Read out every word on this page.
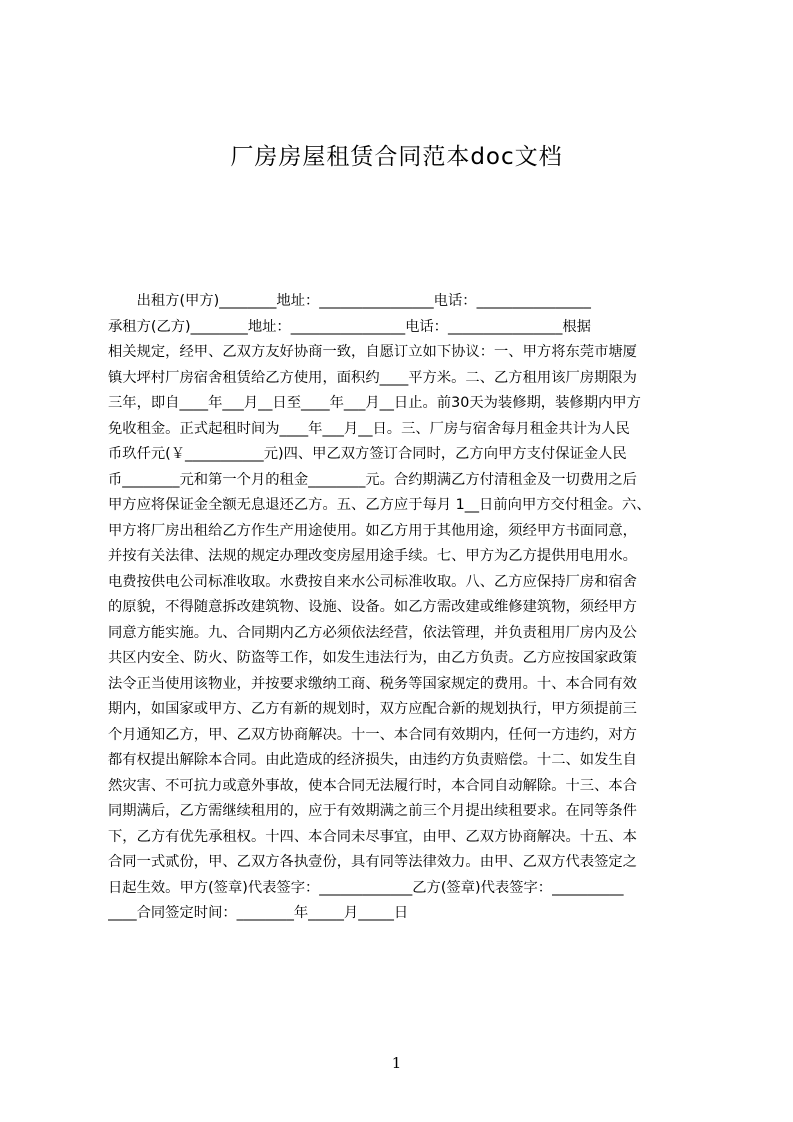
厂房房屋租赁合同范本doc文档
　　出租方(甲方)________地址：________________电话：________________
承租方(乙方)________地址：________________电话：________________根据
相关规定，经甲、乙双方友好协商一致，自愿订立如下协议：一、甲方将东莞市塘厦
镇大坪村厂房宿舍租赁给乙方使用，面积约____平方米。二、乙方租用该厂房期限为
三年，即自____年___月__日至____年___月__日止。前30天为装修期，装修期内甲方
免收租金。正式起租时间为____年___月__日。三、厂房与宿舍每月租金共计为人民
币玖仟元(￥___________元)四、甲乙双方签订合同时，乙方向甲方支付保证金人民
币________元和第一个月的租金________元。合约期满乙方付清租金及一切费用之后
甲方应将保证金全额无息退还乙方。五、乙方应于每月 1__日前向甲方交付租金。六、
甲方将厂房出租给乙方作生产用途使用。如乙方用于其他用途，须经甲方书面同意，
并按有关法律、法规的规定办理改变房屋用途手续。七、甲方为乙方提供用电用水。
电费按供电公司标准收取。水费按自来水公司标准收取。八、乙方应保持厂房和宿舍
的原貌，不得随意拆改建筑物、设施、设备。如乙方需改建或维修建筑物，须经甲方
同意方能实施。九、合同期内乙方必须依法经营，依法管理，并负责租用厂房内及公
共区内安全、防火、防盗等工作，如发生违法行为，由乙方负责。乙方应按国家政策
法令正当使用该物业，并按要求缴纳工商、税务等国家规定的费用。十、本合同有效
期内，如国家或甲方、乙方有新的规划时，双方应配合新的规划执行，甲方须提前三
个月通知乙方，甲、乙双方协商解决。十一、本合同有效期内，任何一方违约，对方
都有权提出解除本合同。由此造成的经济损失，由违约方负责赔偿。十二、如发生自
然灾害、不可抗力或意外事故，使本合同无法履行时，本合同自动解除。十三、本合
同期满后，乙方需继续租用的，应于有效期满之前三个月提出续租要求。在同等条件
下，乙方有优先承租权。十四、本合同未尽事宜，由甲、乙双方协商解决。十五、本
合同一式贰份，甲、乙双方各执壹份，具有同等法律效力。由甲、乙双方代表签定之
日起生效。甲方(签章)代表签字：_____________乙方(签章)代表签字：__________
____合同签定时间：________年_____月_____日
1
